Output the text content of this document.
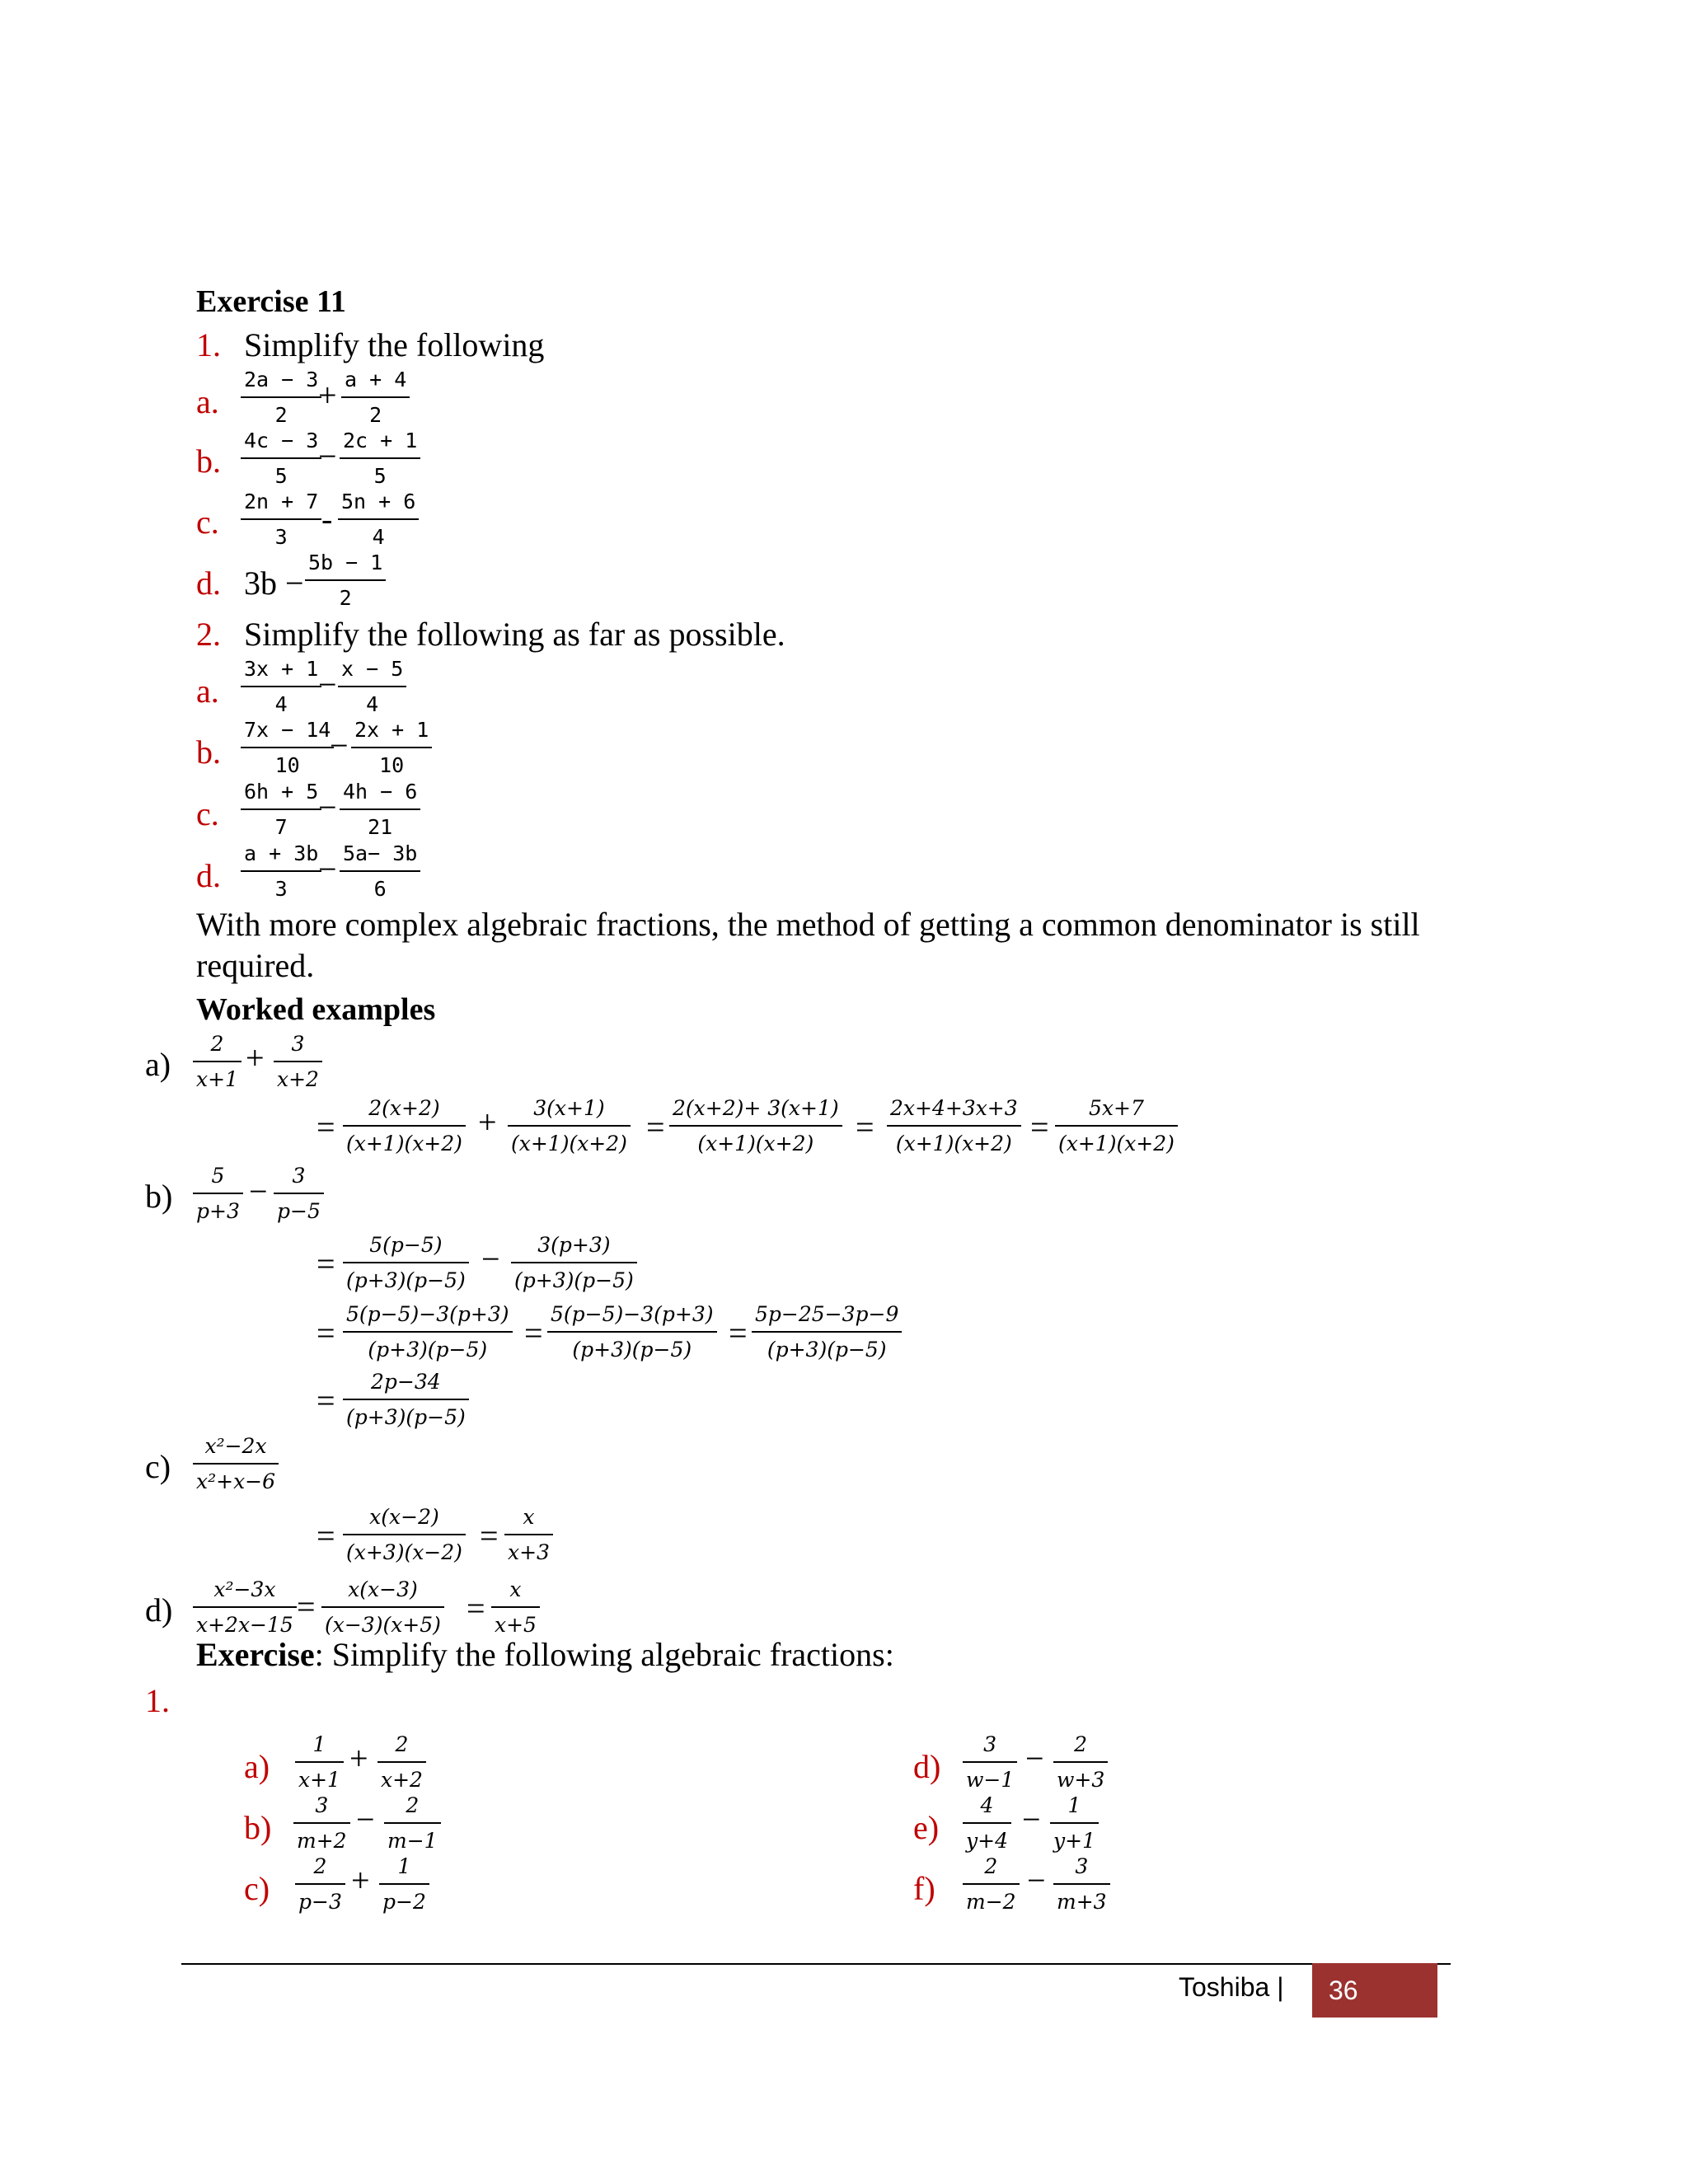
Exercise 11
1. Simplify the following
a.
2a − 3
2
+ a + 4
2
b.
4c − 3
5
− 2c + 1
5
c.
2n + 7
3 - 5n + 6
4
d. 3b −
5b − 1
2
2. Simplify the following as far as possible.
a.
3x + 1
4
− x − 5
4
b.
7x − 14
10
− 2x + 1
10
c.
6h + 5
7
− 4h − 6
21
d.
a + 3b
3
− 5a− 3b
6
With more complex algebraic fractions, the method of getting a common denominator is still
required.
Worked examples
a)
2
x+1
+ 3
x+2
=
2(x+2)
(x+1)(x+2)
+ 3(x+1)
(x+1)(x+2) =
2(x+2)+ 3(x+1)
(x+1)(x+2) =
2x+4+3x+3
(x+1)(x+2) =
5x+7
(x+1)(x+2)
b)
5
p+3
− 3
p−5
=
5(p−5)
(p+3)(p−5)
− 3(p+3)
(p+3)(p−5)
=
5(p−5)−3(p+3)
(p+3)(p−5) =
5(p−5)−3(p+3)
(p+3)(p−5) =
5p−25−3p−9
(p+3)(p−5)
=
2p−34
(p+3)(p−5)
c)
x²−2x
x²+x−6
=
x(x−2)
(x+3)(x−2) =
x
x+3
d)
x²−3x
x+2x−15 = x(x−3)
(x−3)(x+5) =
x
x+5
Exercise: Simplify the following algebraic fractions:
1.
a)
1
x+1
+ 2
x+2
b)
3
m+2
− 2
m−1
c)
2
p−3
+ 1
p−2
d)
3
w−1
− 2
w+3
e)
4
y+4
− 1
y+1
f)
2
m−2
− 3
m+3
Toshiba |	36
